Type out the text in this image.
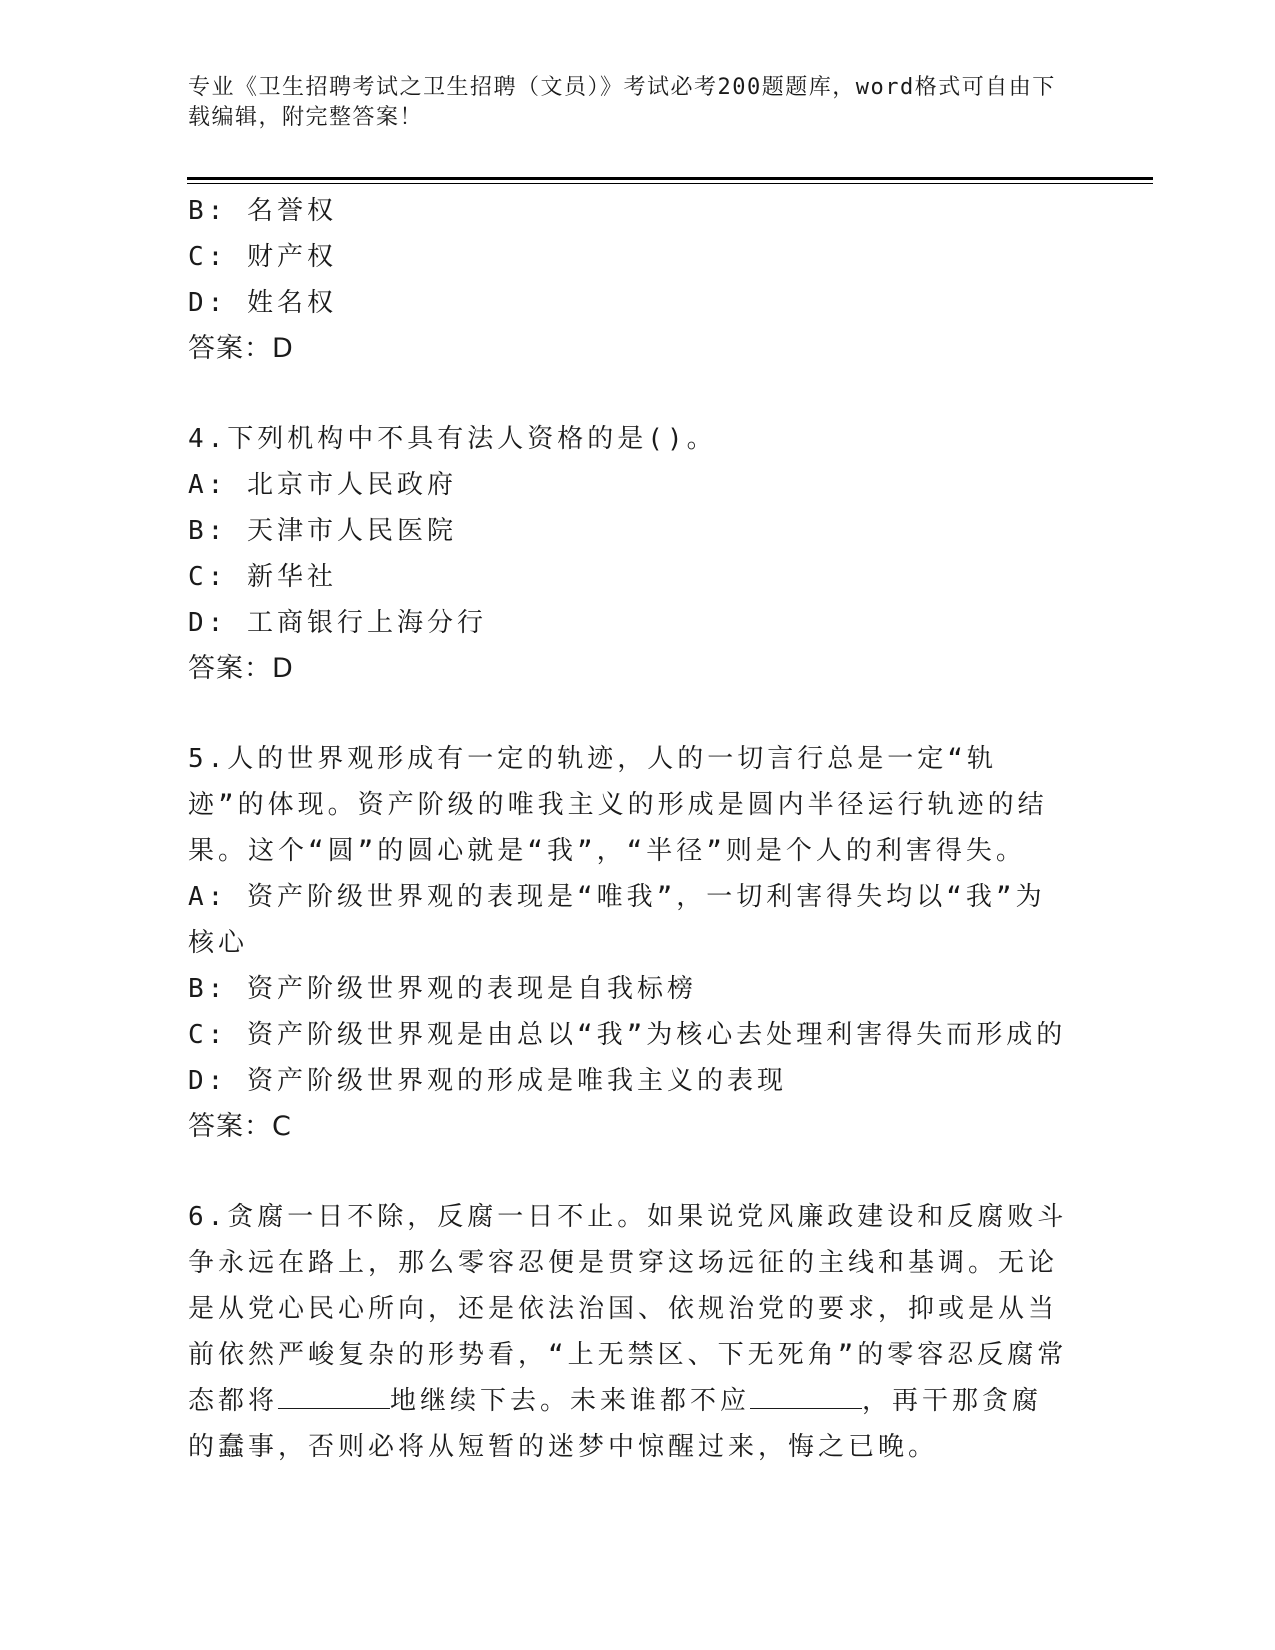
专业《卫生招聘考试之卫生招聘（文员）》考试必考200题题库，word格式可自由下载编辑，附完整答案！
B: 名誉权
C: 财产权
D: 姓名权
答案：D
4.下列机构中不具有法人资格的是()。
A: 北京市人民政府
B: 天津市人民医院
C: 新华社
D: 工商银行上海分行
答案：D
5.人的世界观形成有一定的轨迹，人的一切言行总是一定“轨迹”的体现。资产阶级的唯我主义的形成是圆内半径运行轨迹的结果。这个“圆”的圆心就是“我”，“半径”则是个人的利害得失。
A: 资产阶级世界观的表现是“唯我”，一切利害得失均以“我”为核心
B: 资产阶级世界观的表现是自我标榜
C: 资产阶级世界观是由总以“我”为核心去处理利害得失而形成的
D: 资产阶级世界观的形成是唯我主义的表现
答案：C
6.贪腐一日不除，反腐一日不止。如果说党风廉政建设和反腐败斗争永远在路上，那么零容忍便是贯穿这场远征的主线和基调。无论是从党心民心所向，还是依法治国、依规治党的要求，抑或是从当前依然严峻复杂的形势看，“上无禁区、下无死角”的零容忍反腐常态都将	地继续下去。未来谁都不应	，再干那贪腐的蠢事，否则必将从短暂的迷梦中惊醒过来，悔之已晚。
